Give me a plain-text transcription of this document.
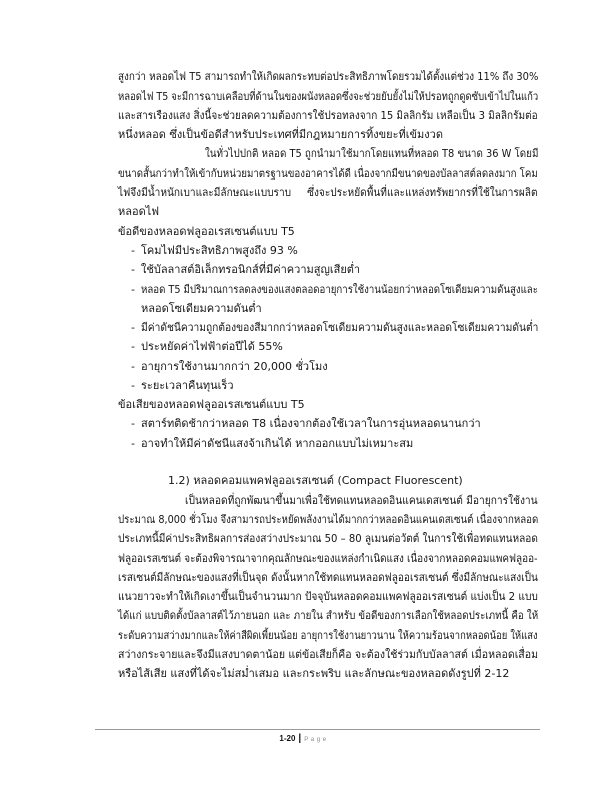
สูงกว่า หลอดไฟ T5 สามารถทำให้เกิดผลกระทบต่อประสิทธิภาพโดยรวมได้ตั้งแต่ช่วง 11% ถึง 30%
หลอดไฟ T5 จะมีการฉาบเคลือบที่ด้านในของผนังหลอดซึ่งจะช่วยยับยั้งไม่ให้ปรอทถูกดูดซับเข้าไปในแก้ว
และสารเรืองแสง สิ่งนี้จะช่วยลดความต้องการใช้ปรอทลงจาก 15 มิลลิกรัม เหลือเป็น 3 มิลลิกรัมต่อ
หนึ่งหลอด ซึ่งเป็นข้อดีสำหรับประเทศที่มีกฎหมายการทิ้งขยะที่เข้มงวด
ในทั่วไปปกติ หลอด T5 ถูกนำมาใช้มากโดยแทนที่หลอด T8 ขนาด 36 W โดยมี
ขนาดสั้นกว่าทำให้เข้ากับหน่วยมาตรฐานของอาคารได้ดี เนื่องจากมีขนาดของบัลลาสต์ลดลงมาก โคม
ไฟจึงมีน้ำหนักเบาและมีลักษณะแบบราบ     ซึ่งจะประหยัดพื้นที่และแหล่งทรัพยากรที่ใช้ในการผลิต
หลอดไฟ
ข้อดีของหลอดฟลูออเรสเซนต์แบบ T5
- โคมไฟมีประสิทธิภาพสูงถึง 93 %
- ใช้บัลลาสต์อิเล็กทรอนิกส์ที่มีค่าความสูญเสียต่ำ
- หลอด T5 มีปริมาณการลดลงของแสงตลอดอายุการใช้งานน้อยกว่าหลอดโซเดียมความดันสูงและ
หลอดโซเดียมความดันต่ำ
- มีค่าดัชนีความถูกต้องของสีมากกว่าหลอดโซเดียมความดันสูงและหลอดโซเดียมความดันต่ำ
- ประหยัดค่าไฟฟ้าต่อปีได้ 55%
- อายุการใช้งานมากกว่า 20,000 ชั่วโมง
- ระยะเวลาคืนทุนเร็ว
ข้อเสียของหลอดฟลูออเรสเซนต์แบบ T5
- สตาร์ทติดช้ากว่าหลอด T8 เนื่องจากต้องใช้เวลาในการอุ่นหลอดนานกว่า
- อาจทำให้มีค่าดัชนีแสงจ้าเกินได้ หากออกแบบไม่เหมาะสม
1.2) หลอดคอมแพคฟลูออเรสเซนต์ (Compact Fluorescent)
เป็นหลอดที่ถูกพัฒนาขึ้นมาเพื่อใช้ทดแทนหลอดอินแคนเดสเซนต์ มีอายุการใช้งาน
ประมาณ 8,000 ชั่วโมง จึงสามารถประหยัดพลังงานได้มากกว่าหลอดอินแคนเดสเซนต์ เนื่องจากหลอด
ประเภทนี้มีค่าประสิทธิผลการส่องสว่างประมาณ 50 – 80 ลูเมนต่อวัตต์ ในการใช้เพื่อทดแทนหลอด
ฟลูออเรสเซนต์ จะต้องพิจารณาจากคุณลักษณะของแหล่งกำเนิดแสง เนื่องจากหลอดคอมแพคฟลูออ-
เรสเซนต์มีลักษณะของแสงที่เป็นจุด ดังนั้นหากใช้ทดแทนหลอดฟลูออเรสเซนต์ ซึ่งมีลักษณะแสงเป็น
แนวยาวจะทำให้เกิดเงาขึ้นเป็นจำนวนมาก ปัจจุบันหลอดคอมแพคฟลูออเรสเซนต์ แบ่งเป็น 2 แบบ
ได้แก่ แบบติดตั้งบัลลาสต์ไว้ภายนอก และ ภายใน สำหรับ ข้อดีของการเลือกใช้หลอดประเภทนี้ คือ ให้
ระดับความสว่างมากและให้ค่าสีผิดเพี้ยนน้อย อายุการใช้งานยาวนาน ให้ความร้อนจากหลอดน้อย ให้แสง
สว่างกระจายและจึงมีแสงบาดตาน้อย แต่ข้อเสียก็คือ จะต้องใช้ร่วมกับบัลลาสต์ เมื่อหลอดเสื่อม
หรือไส้เสีย แสงที่ได้จะไม่สม่ำเสมอ และกระพริบ และลักษณะของหลอดดังรูปที่ 2-12
1-20 | P a g e
